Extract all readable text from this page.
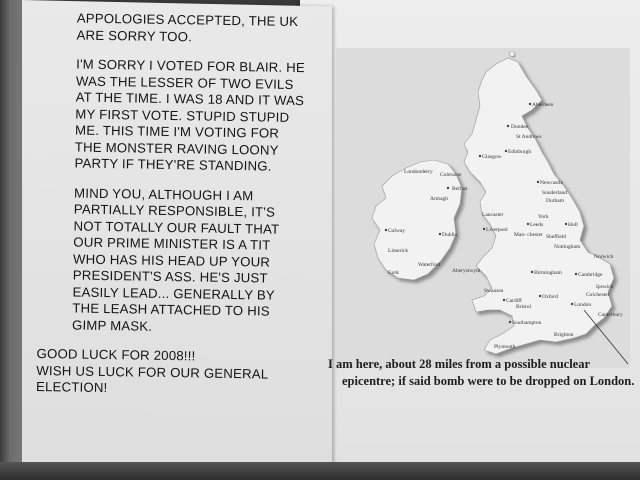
APPOLOGIES ACCEPTED, THE UK
ARE SORRY TOO.

I'M SORRY I VOTED FOR BLAIR. HE
WAS THE LESSER OF TWO EVILS
AT THE TIME. I WAS 18 AND IT WAS
MY FIRST VOTE. STUPID STUPID
ME. THIS TIME I'M VOTING FOR
THE MONSTER RAVING LOONY
PARTY IF THEY'RE STANDING.

MIND YOU, ALTHOUGH I AM
PARTIALLY RESPONSIBLE, IT'S
NOT TOTALLY OUR FAULT THAT
OUR PRIME MINISTER IS A TIT
WHO HAS HIS HEAD UP YOUR
PRESIDENT'S ASS. HE'S JUST
EASILY LEAD... GENERALLY BY
THE LEASH ATTACHED TO HIS
GIMP MASK.

GOOD LUCK FOR 2008!!!
WISH US LUCK FOR OUR GENERAL
ELECTION!

Aberdeen
Dundee
St Andrews
Edinburgh
Glasgow
Londonderry Coleraine
Belfast
Armagh
Newcastle
Sunderland
Durham
Lancaster	York
Leeds	Hull
Galway
Dublin
Limerick
Cork
Waterford
Liverpool
Man- chester Sheffield
Nottingham
Norwich
Aberystwyth	Birmingham	Cambridge
Ipswich
Colchester
Swansea
Cardiff
Bristol
Oxford
London
Canterbury
Southampton
Brighton
Plymouth
I am here, about 28 miles from a possible nuclear
epicentre; if said bomb were to be dropped on London.
